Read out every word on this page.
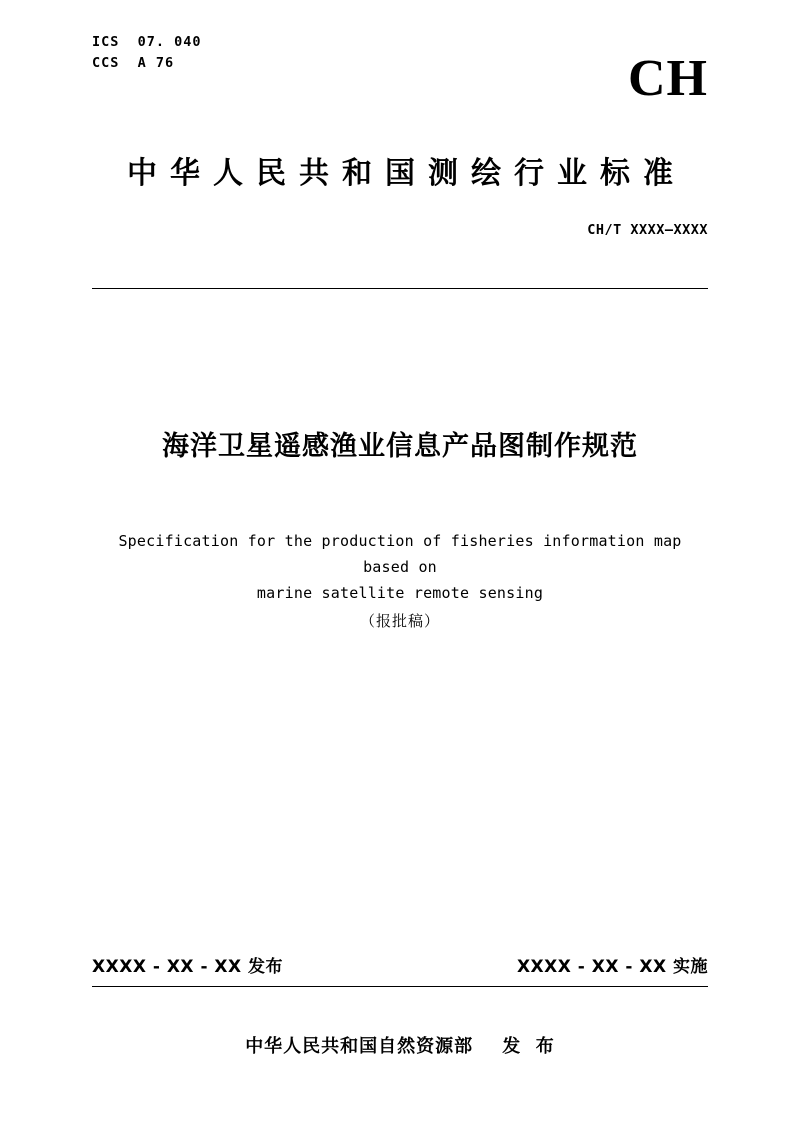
ICS  07. 040
CCS  A 76	CH
中华人民共和国测绘行业标准
CH/T XXXX—XXXX
海洋卫星遥感渔业信息产品图制作规范
Specification for the production of fisheries information map based on
marine satellite remote sensing
（报批稿）
XXXX - XX - XX 发布	XXXX - XX - XX 实施
中华人民共和国自然资源部    发  布
